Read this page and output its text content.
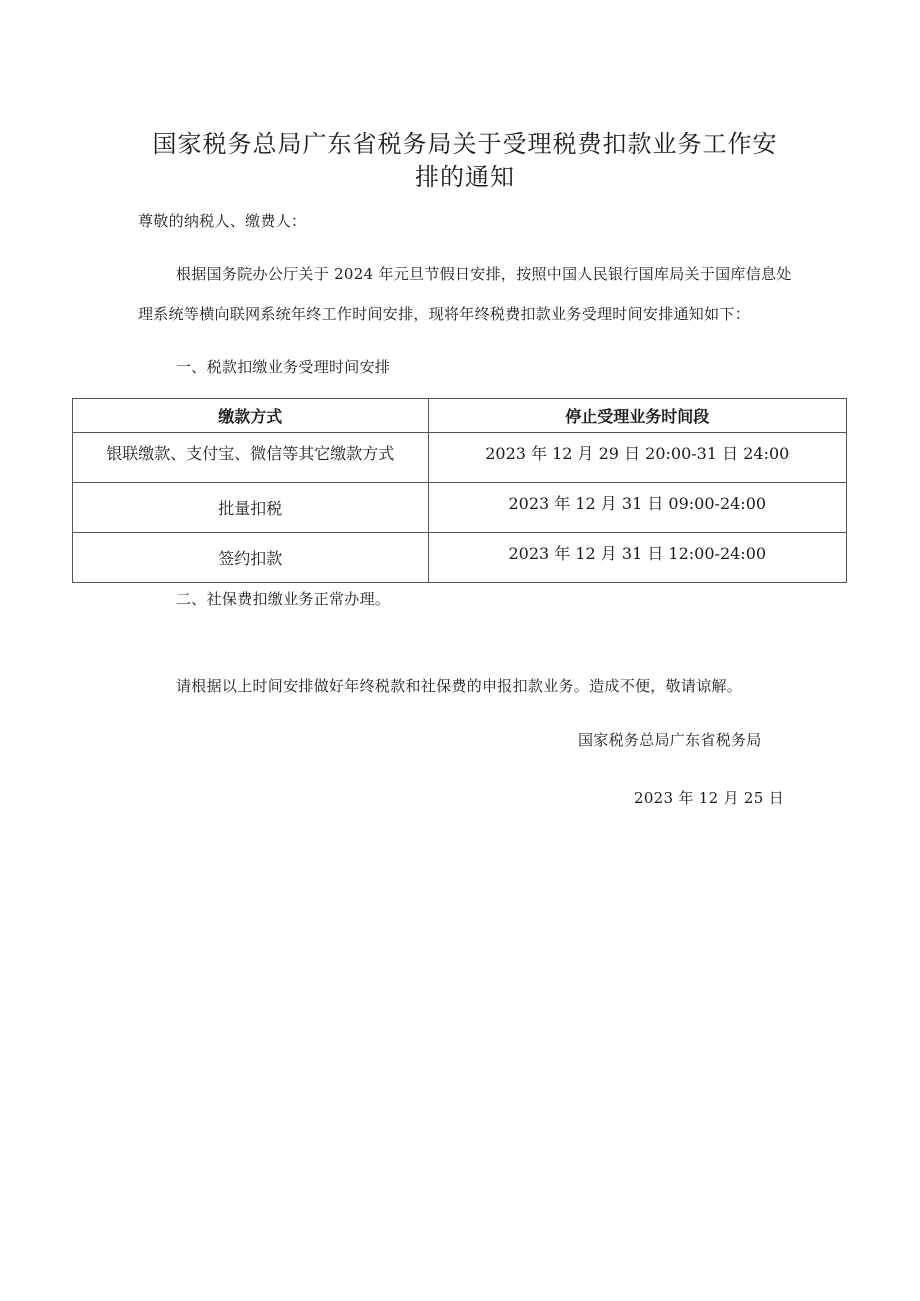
国家税务总局广东省税务局关于受理税费扣款业务工作安
排的通知
尊敬的纳税人、缴费人：
根据国务院办公厅关于 2024 年元旦节假日安排，按照中国人民银行国库局关于国库信息处
理系统等横向联网系统年终工作时间安排，现将年终税费扣款业务受理时间安排通知如下：
一、税款扣缴业务受理时间安排
缴款方式	停止受理业务时间段

银联缴款、支付宝、微信等其它缴款方式	2023 年 12 月 29 日 20:00-31 日 24:00

批量扣税	2023 年 12 月 31 日 09:00-24:00

签约扣款	2023 年 12 月 31 日 12:00-24:00
二、社保费扣缴业务正常办理。
请根据以上时间安排做好年终税款和社保费的申报扣款业务。造成不便，敬请谅解。
国家税务总局广东省税务局
2023 年 12 月 25 日
